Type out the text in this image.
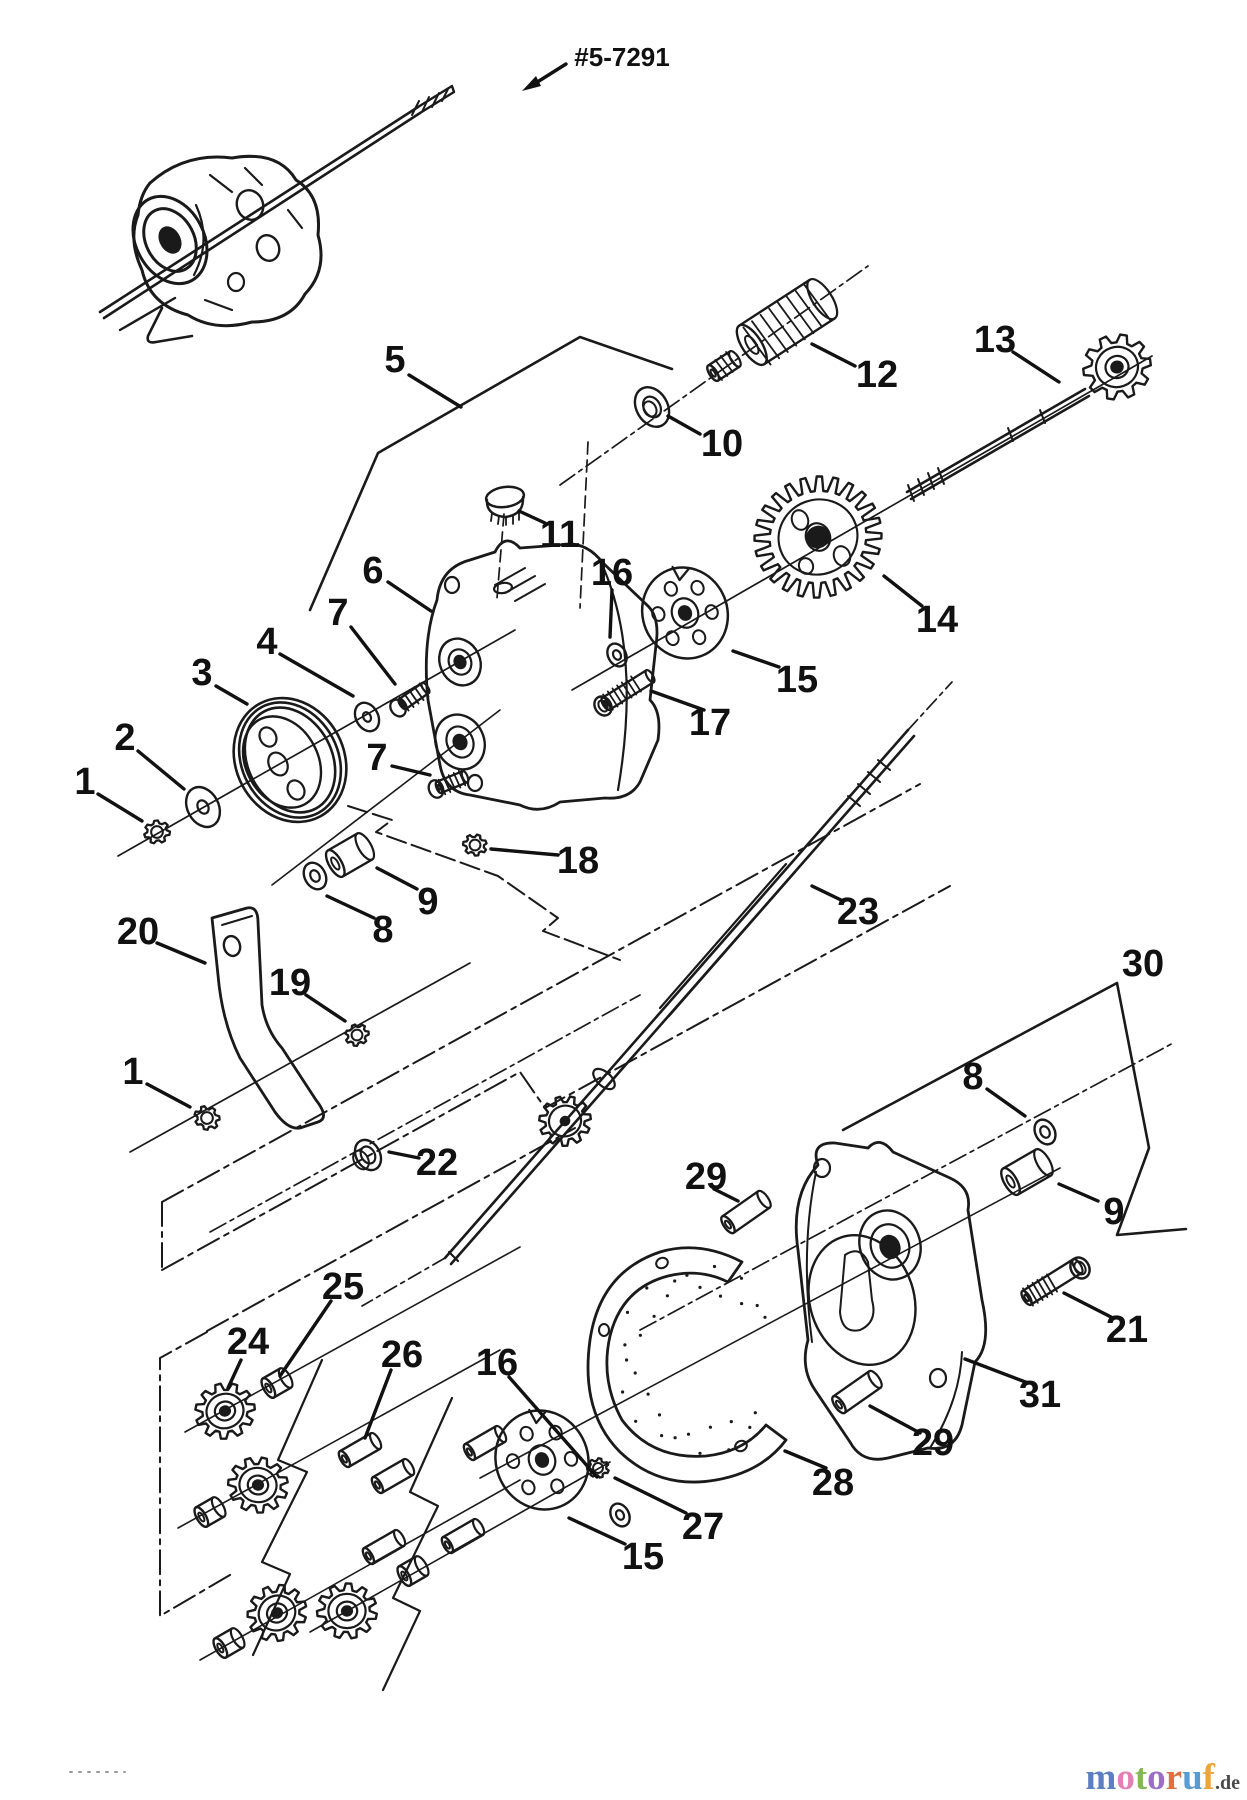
#5-7291
1
2
3
4
5
6
7
7
8
9
10
11
12
13
14
15
16
17
18
19
20
1
22
23
24
25
26 16
27
15
28
29
29
30
31
8
9
21
motoruf.de
